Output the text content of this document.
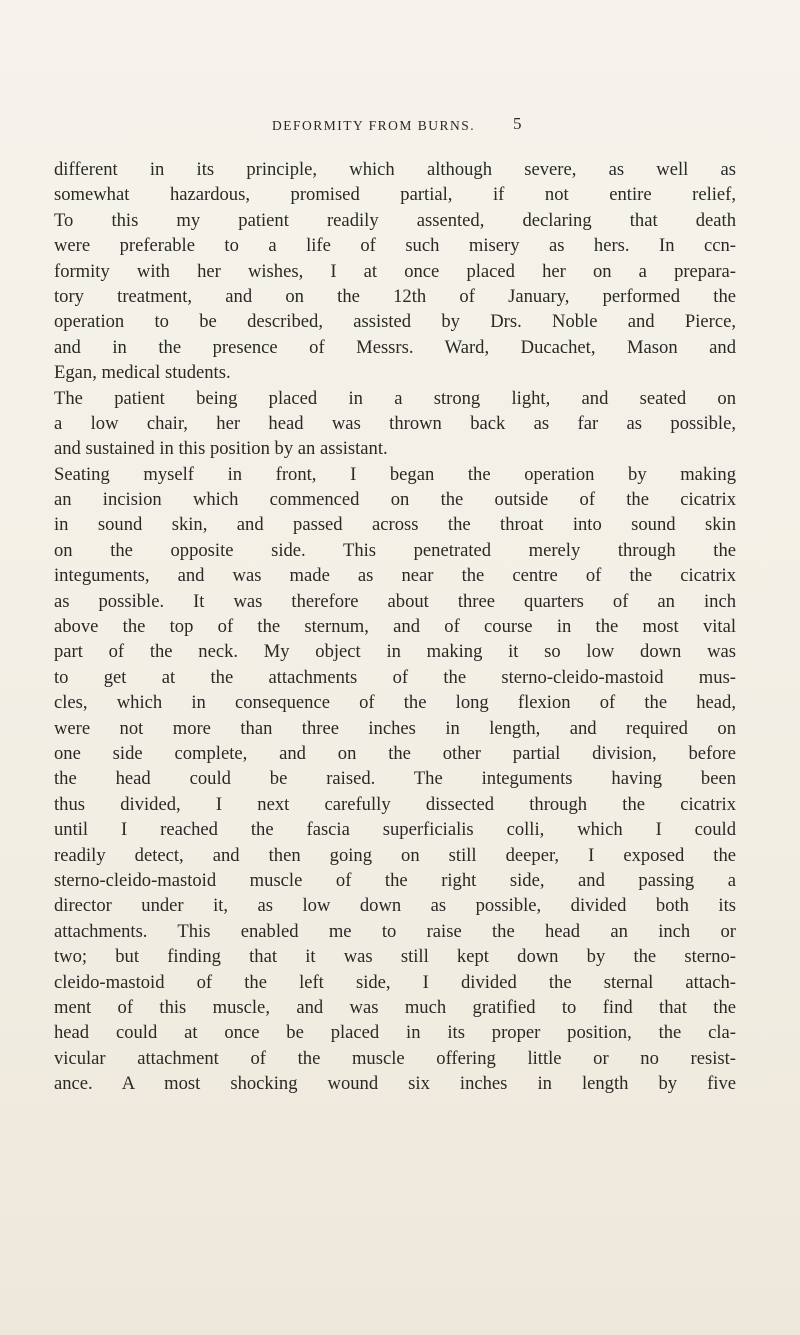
DEFORMITY FROM BURNS. 5
different in its principle, which although severe, as well as
somewhat hazardous, promised partial, if not entire relief,
To this my patient readily assented, declaring that death
were preferable to a life of such misery as hers. In ccn-
formity with her wishes, I at once placed her on a prepara-
tory treatment, and on the 12th of January, performed the
operation to be described, assisted by Drs. Noble and Pierce,
and in the presence of Messrs. Ward, Ducachet, Mason and
Egan, medical students.
The patient being placed in a strong light, and seated on
a low chair, her head was thrown back as far as possible,
and sustained in this position by an assistant.
Seating myself in front, I began the operation by making
an incision which commenced on the outside of the cicatrix
in sound skin, and passed across the throat into sound skin
on the opposite side. This penetrated merely through the
integuments, and was made as near the centre of the cicatrix
as possible. It was therefore about three quarters of an inch
above the top of the sternum, and of course in the most vital
part of the neck. My object in making it so low down was
to get at the attachments of the sterno-cleido-mastoid mus-
cles, which in consequence of the long flexion of the head,
were not more than three inches in length, and required on
one side complete, and on the other partial division, before
the head could be raised. The integuments having been
thus divided, I next carefully dissected through the cicatrix
until I reached the fascia superficialis colli, which I could
readily detect, and then going on still deeper, I exposed the
sterno-cleido-mastoid muscle of the right side, and passing a
director under it, as low down as possible, divided both its
attachments. This enabled me to raise the head an inch or
two; but finding that it was still kept down by the sterno-
cleido-mastoid of the left side, I divided the sternal attach-
ment of this muscle, and was much gratified to find that the
head could at once be placed in its proper position, the cla-
vicular attachment of the muscle offering little or no resist-
ance. A most shocking wound six inches in length by five
